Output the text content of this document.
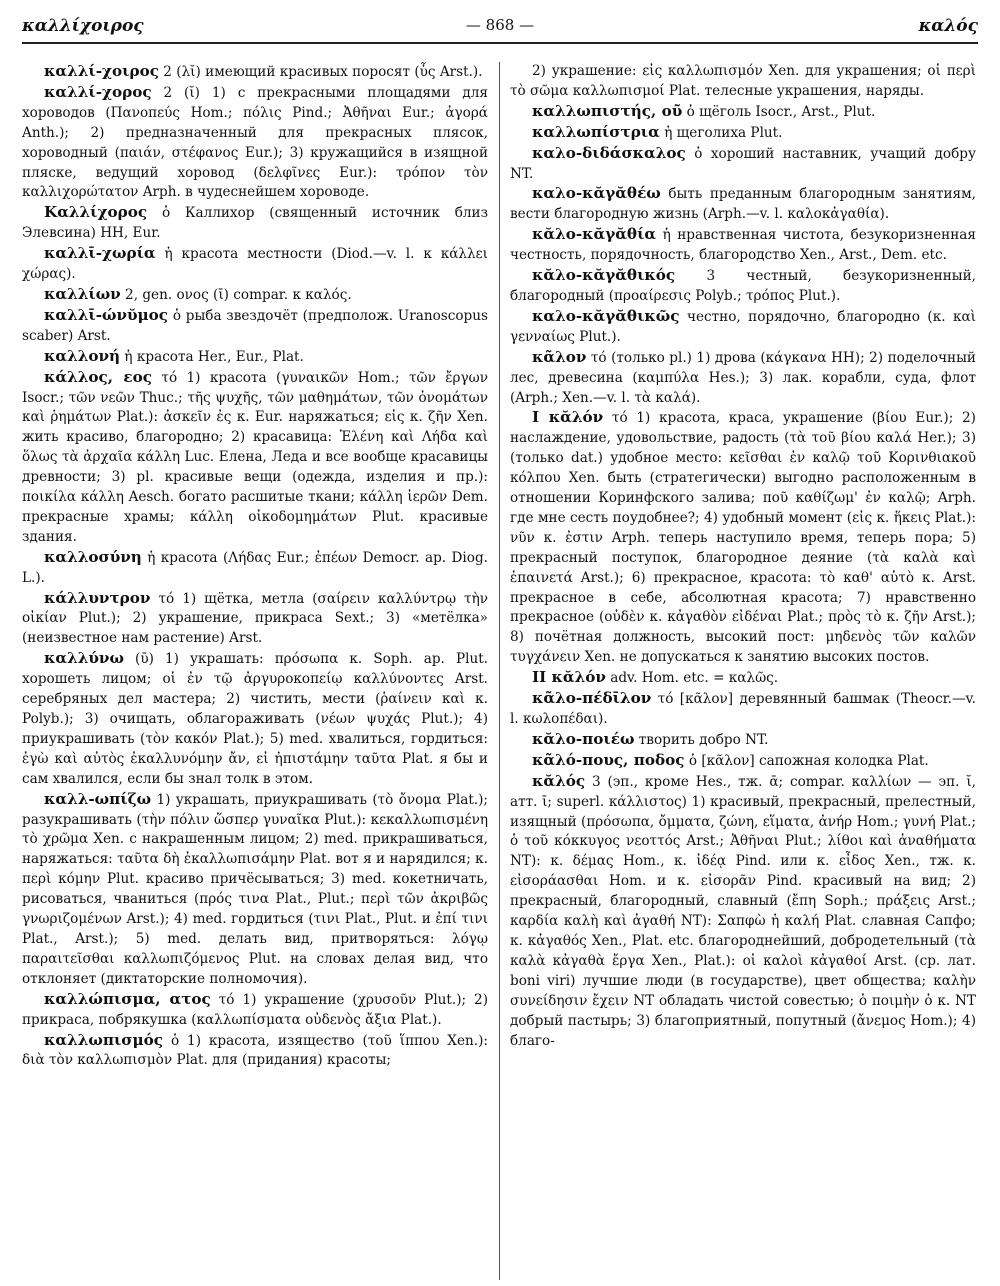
καλλίχοιρος	— 868 —	καλός

καλλί-χοιρος 2 (λῐ) имеющий красивых поросят (ὗς Arst.).

καλλί-χορος 2 (ῐ) 1) с прекрасными площадями для хороводов (Πανοπεύς Hom.; πόλις Pind.; Ἀθῆναι Eur.; ἀγορά Anth.); 2) предназначенный для прекрасных плясок, хороводный (παιάν, στέφανος Eur.); 3) кружащийся в изящной пляске, ведущий хоровод (δελφῖνες Eur.): τρόπον τὸν καλλιχορώτατον Arph. в чудеснейшем хороводе.

Καλλίχορος ὁ Каллихор (священный источник близ Элевсина) HH, Eur.

καλλῑ-χωρία ἡ красота местности (Diod.—v. l. к κάλλει χώρας).

καλλίων 2, gen. ονος (ῑ) compar. к καλός.

καλλῑ-ώνῠμος ὁ рыба звездочёт (предполож. Uranoscopus scaber) Arst.

καλλονή ἡ красота Her., Eur., Plat.

κάλλος, εος τό 1) красота (γυναικῶν Hom.; τῶν ἔργων Isocr.; τῶν νεῶν Thuc.; τῆς ψυχῆς, τῶν μαθημάτων, τῶν ὀνομάτων καὶ ῥημάτων Plat.): ἀσκεῖν ἐς κ. Eur. наряжаться; εἰς κ. ζῆν Xen. жить красиво, благородно; 2) красавица: Ἑλένη καὶ Λήδα καὶ ὅλως τὰ ἀρχαῖα κάλλη Luc. Елена, Леда и все вообще красавицы древности; 3) pl. красивые вещи (одежда, изделия и пр.): ποικίλα κάλλη Aesch. богато расшитые ткани; κάλλη ἱερῶν Dem. прекрасные храмы; κάλλη οἰκοδομημάτων Plut. красивые здания.

καλλοσύνη ἡ красота (Λήδας Eur.; ἐπέων Democr. ap. Diog. L.).

κάλλυντρον τό 1) щётка, метла (σαίρειν καλλύντρῳ τὴν οἰκίαν Plut.); 2) украшение, прикраса Sext.; 3) «метёлка» (неизвестное нам растение) Arst.

καλλύνω (ῡ) 1) украшать: πρόσωπα κ. Soph. ap. Plut. хорошеть лицом; οἱ ἐν τῷ ἀργυροκοπείῳ καλλύνοντες Arst. серебряных дел мастера; 2) чистить, мести (ῥαίνειν καὶ κ. Polyb.); 3) очищать, облагораживать (νέων ψυχάς Plut.); 4) приукрашивать (τὸν κακόν Plat.); 5) med. хвалиться, гордиться: ἐγὼ καὶ αὐτὸς ἐκαλλυνόμην ἄν, εἰ ἠπιστάμην ταῦτα Plat. я бы и сам хвалился, если бы знал толк в этом.

καλλ-ωπίζω 1) украшать, приукрашивать (τὸ ὄνομα Plat.); разукрашивать (τὴν πόλιν ὥσπερ γυναῖκα Plut.): κεκαλλωπισμένη τὸ χρῶμα Xen. с накрашенным лицом; 2) med. прикрашиваться, наряжаться: ταῦτα δὴ ἐκαλλωπισάμην Plat. вот я и нарядился; κ. περὶ κόμην Plut. красиво причёсываться; 3) med. кокетничать, рисоваться, чваниться (πρός τινα Plat., Plut.; περὶ τῶν ἀκριβῶς γνωριζομένων Arst.); 4) med. гордиться (τινι Plat., Plut. и ἐπί τινι Plat., Arst.); 5) med. делать вид, притворяться: λόγῳ παραιτεῖσθαι καλλωπιζόμενος Plut. на словах делая вид, что отклоняет (диктаторские полномочия).

καλλώπισμα, ατος τό 1) украшение (χρυσοῦν Plut.); 2) прикраса, побрякушка (καλλωπίσματα οὐδενὸς ἄξια Plat.).

καλλωπισμός ὁ 1) красота, изящество (τοῦ ἵππου Xen.): διὰ τὸν καλλωπισμὸν Plat. для (придания) красоты;

2) украшение: εἰς καλλωπισμόν Xen. для украшения; οἱ περὶ τὸ σῶμα καλλωπισμοί Plat. телесные украшения, наряды.

καλλωπιστής, οῦ ὁ щёголь Isocr., Arst., Plut.

καλλωπίστρια ἡ щеголиха Plut.

καλο-διδάσκαλος ὁ хороший наставник, учащий добру NT.

καλο-κᾰγᾰθέω быть преданным благородным занятиям, вести благородную жизнь (Arph.—v. l. καλοκἀγαθία).

κᾰλο-κᾰγᾰθία ἡ нравственная чистота, безукоризненная честность, порядочность, благородство Xen., Arst., Dem. etc.

κᾰλο-κᾰγᾰθικός 3 честный, безукоризненный, благородный (προαίρεσις Polyb.; τρόπος Plut.).

καλο-κᾰγᾰθικῶς честно, порядочно, благородно (κ. καὶ γενναίως Plut.).

κᾶλον τό (только pl.) 1) дрова (κάγκανα HH); 2) поделочный лес, древесина (καμπύλα Hes.); 3) лак. корабли, суда, флот (Arph.; Xen.—v. l. τὰ καλά).

I κᾰλόν τό 1) красота, краса, украшение (βίου Eur.); 2) наслаждение, удовольствие, радость (τὰ τοῦ βίου καλά Her.); 3) (только dat.) удобное место: κεῖσθαι ἐν καλῷ τοῦ Κορινθιακοῦ κόλπου Xen. быть (стратегически) выгодно расположенным в отношении Коринфского залива; ποῦ καθίζωμ' ἐν καλῷ; Arph. где мне сесть поудобнее?; 4) удобный момент (εἰς κ. ἥκεις Plat.): νῦν κ. ἐστιν Arph. теперь наступило время, теперь пора; 5) прекрасный поступок, благородное деяние (τὰ καλὰ καὶ ἐπαινετά Arst.); 6) прекрасное, красота: τὸ καθ' αὑτὸ κ. Arst. прекрасное в себе, абсолютная красота; 7) нравственно прекрасное (οὐδὲν κ. κἀγαθὸν εἰδέναι Plat.; πρὸς τὸ κ. ζῆν Arst.); 8) почётная должность, высокий пост: μηδενὸς τῶν καλῶν τυγχάνειν Xen. не допускаться к занятию высоких постов.

II κᾰλόν adv. Hom. etc. = καλῶς.

κᾶλο-πέδῑλον τό [κᾶλον] деревянный башмак (Theocr.—v. l. κωλοπέδαι).

κᾰλο-ποιέω творить добро NT.

κᾶλό-πους, ποδος ὁ [κᾶλον] сапожная колодка Plat.

κᾰλός 3 (эп., кроме Hes., тж. ᾱ; compar. καλλίων — эп. ῐ, атт. ῑ; superl. κάλλιστος) 1) красивый, прекрасный, прелестный, изящный (πρόσωπα, ὄμματα, ζώνη, εἵματα, ἀνήρ Hom.; γυνή Plat.; ὁ τοῦ κόκκυγος νεοττός Arst.; Ἀθῆναι Plut.; λίθοι καὶ ἀναθήματα NT): κ. δέμας Hom., κ. ἰδέᾳ Pind. или κ. εἶδος Xen., тж. κ. εἰσοράασθαι Hom. и κ. εἰσορᾶν Pind. красивый на вид; 2) прекрасный, благородный, славный (ἔπη Soph.; πράξεις Arst.; καρδία καλὴ καὶ ἀγαθή NT): Σαπφὼ ἡ καλή Plat. славная Сапфо; κ. κἀγαθός Xen., Plat. etc. благороднейший, добродетельный (τὰ καλὰ κἀγαθὰ ἔργα Xen., Plat.): οἱ καλοὶ κἀγαθοί Arst. (ср. лат. boni viri) лучшие люди (в государстве), цвет общества; καλὴν συνείδησιν ἔχειν NT обладать чистой совестью; ὁ ποιμὴν ὁ κ. NT добрый пастырь; 3) благоприятный, попутный (ἄνεμος Hom.); 4) благо-
